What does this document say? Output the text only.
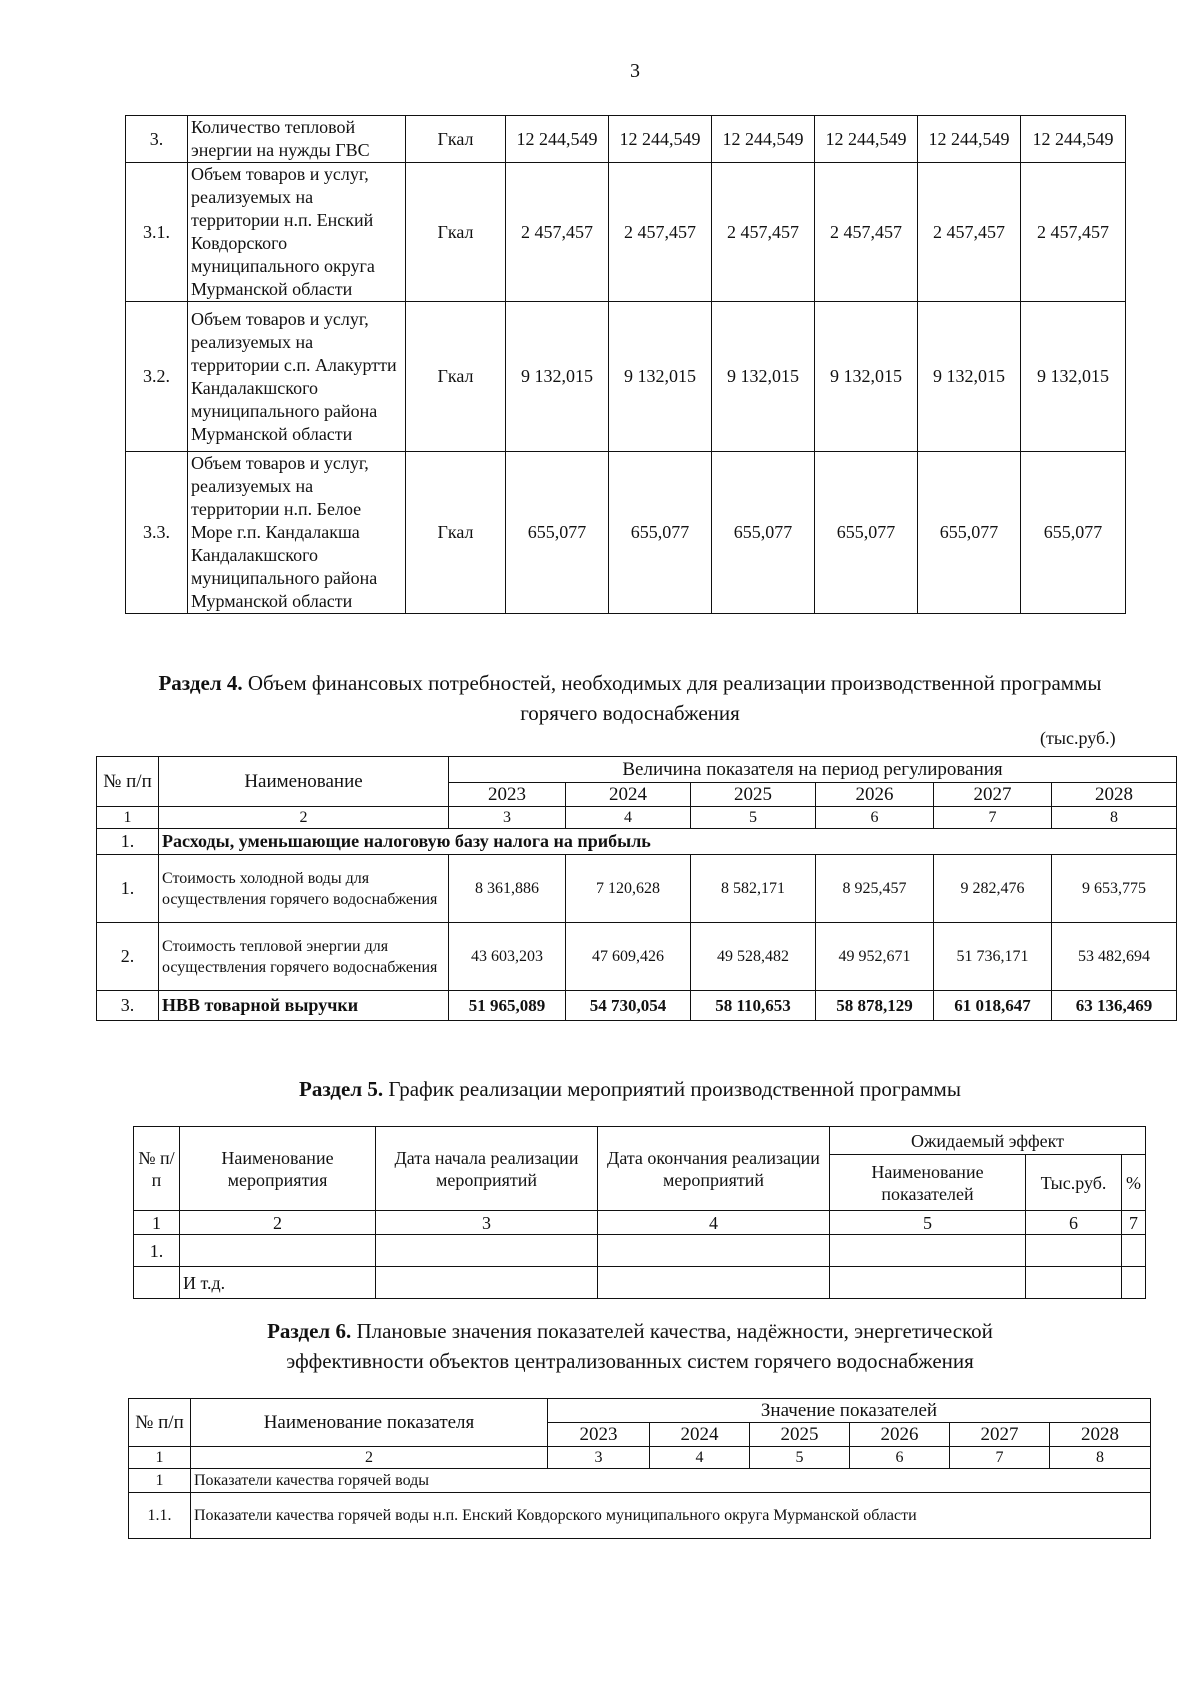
3
3.	Количество тепловой энергии на нужды ГВС	Гкал	12 244,549	12 244,549	12 244,549	12 244,549	12 244,549	12 244,549
3.1.	Объем товаров и услуг, реализуемых на территории н.п. Енский Ковдорского муниципального округа Мурманской области	Гкал	2 457,457	2 457,457	2 457,457	2 457,457	2 457,457	2 457,457
3.2.	Объем товаров и услуг, реализуемых на территории с.п. Алакуртти Кандалакшского муниципального района Мурманской области	Гкал	9 132,015	9 132,015	9 132,015	9 132,015	9 132,015	9 132,015
3.3.	Объем товаров и услуг, реализуемых на территории н.п. Белое Море г.п. Кандалакша Кандалакшского муниципального района Мурманской области	Гкал	655,077	655,077	655,077	655,077	655,077	655,077
Раздел 4. Объем финансовых потребностей, необходимых для реализации производственной программы горячего водоснабжения
(тыс.руб.)
№ п/п	Наименование	Величина показателя на период регулирования					
		2023	2024	2025	2026	2027	2028
1	2	3	4	5	6	7	8
1.	Расходы, уменьшающие налоговую базу налога на прибыль						
1.	Стоимость холодной воды для осуществления горячего водоснабжения	8 361,886	7 120,628	8 582,171	8 925,457	9 282,476	9 653,775
2.	Стоимость тепловой энергии для осуществления горячего водоснабжения	43 603,203	47 609,426	49 528,482	49 952,671	51 736,171	53 482,694
3.	НВВ товарной выручки	51 965,089	54 730,054	58 110,653	58 878,129	61 018,647	63 136,469
Раздел 5. График реализации мероприятий производственной программы
№ п/п	Наименование мероприятия	Дата начала реализации мероприятий	Дата окончания реализации мероприятий	Ожидаемый эффект		
				Наименование показателей	Тыс.руб.	%
1	2	3	4	5	6	7
1.						
	И т.д.					
Раздел 6. Плановые значения показателей качества, надёжности, энергетической
эффективности объектов централизованных систем горячего водоснабжения
№ п/п	Наименование показателя	Значение показателей					
		2023	2024	2025	2026	2027	2028
1	2	3	4	5	6	7	8
1	Показатели качества горячей воды						
1.1.	Показатели качества горячей воды н.п. Енский Ковдорского муниципального округа Мурманской области						
